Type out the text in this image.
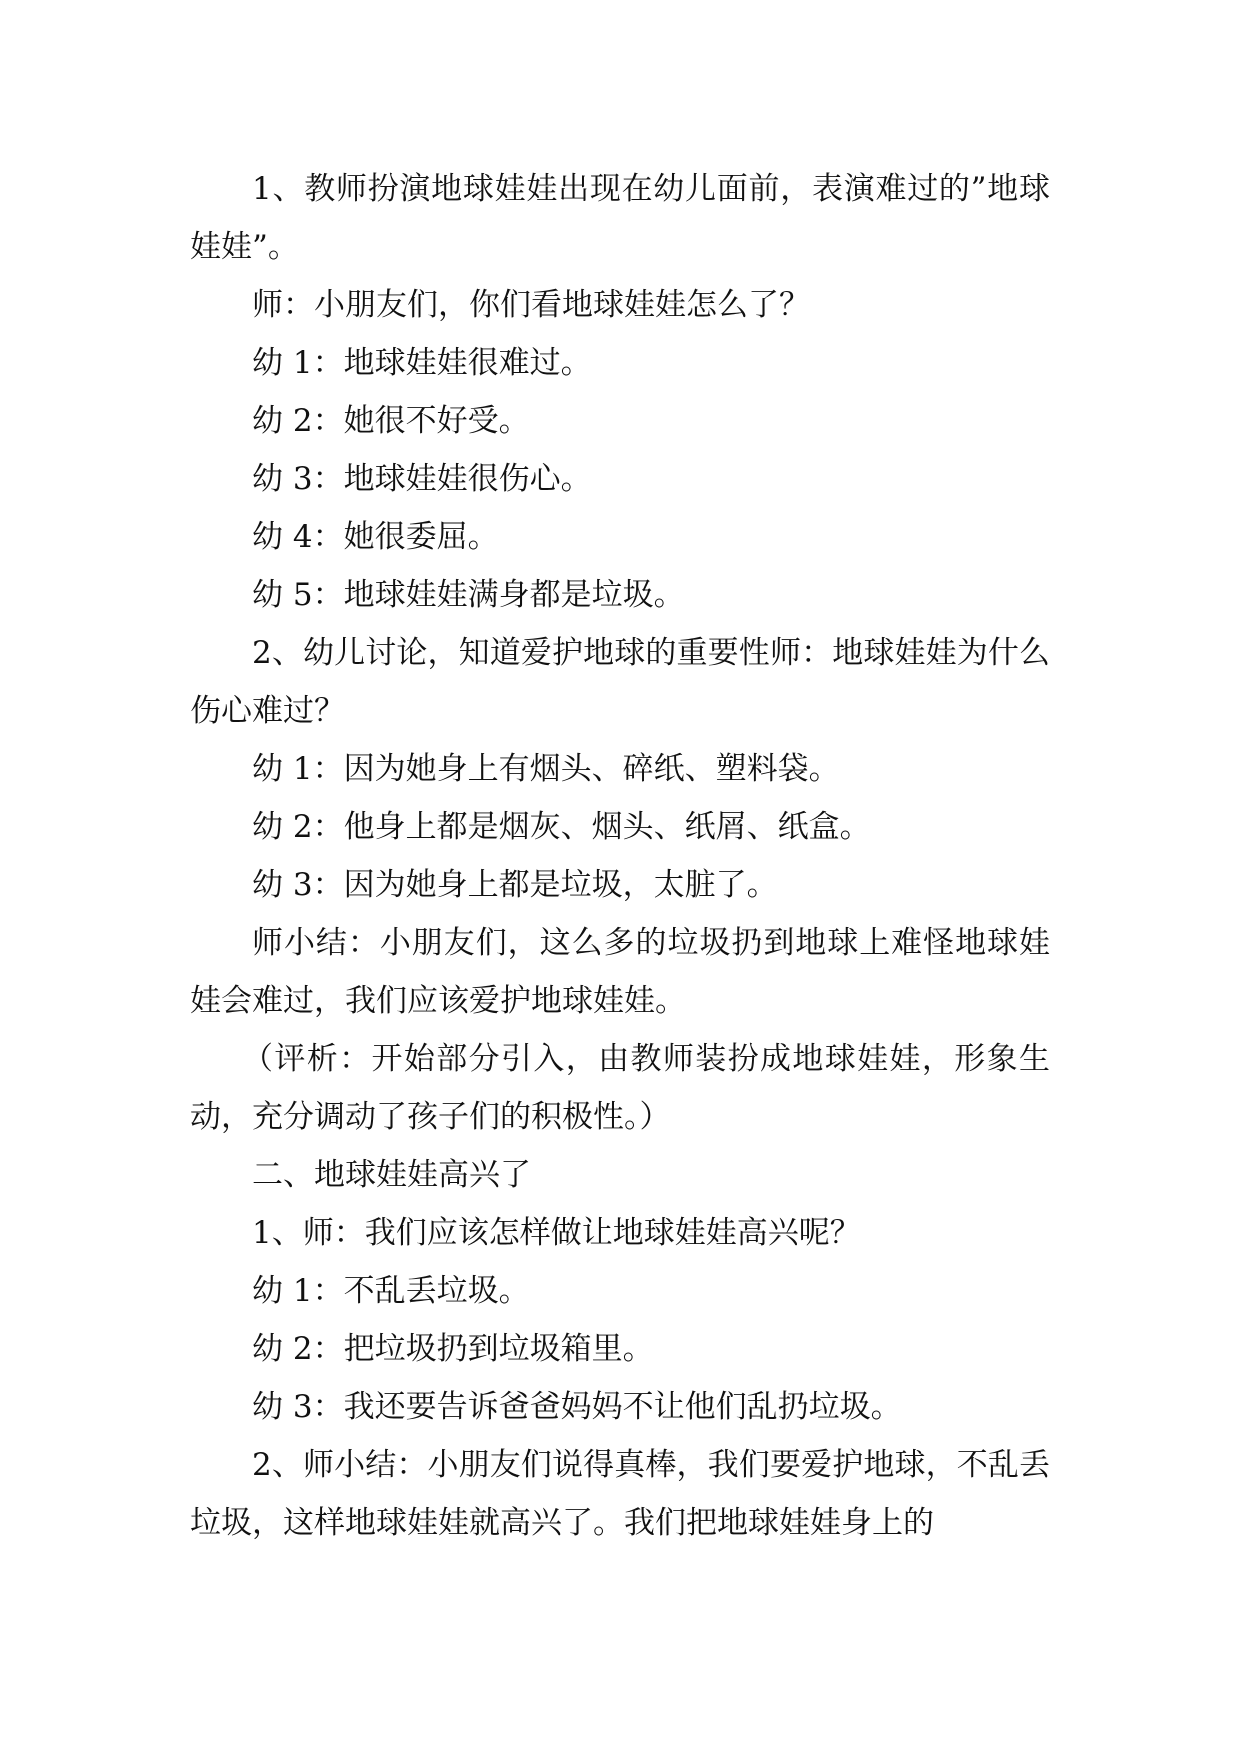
1、教师扮演地球娃娃出现在幼儿面前，表演难过的”地球娃娃”。

师：小朋友们，你们看地球娃娃怎么了？

幼 1：地球娃娃很难过。

幼 2：她很不好受。

幼 3：地球娃娃很伤心。

幼 4：她很委屈。

幼 5：地球娃娃满身都是垃圾。

2、幼儿讨论，知道爱护地球的重要性师：地球娃娃为什么伤心难过？

幼 1：因为她身上有烟头、碎纸、塑料袋。

幼 2：他身上都是烟灰、烟头、纸屑、纸盒。

幼 3：因为她身上都是垃圾，太脏了。

师小结：小朋友们，这么多的垃圾扔到地球上难怪地球娃娃会难过，我们应该爱护地球娃娃。

（评析：开始部分引入，由教师装扮成地球娃娃，形象生动，充分调动了孩子们的积极性。）

二、地球娃娃高兴了

1、师：我们应该怎样做让地球娃娃高兴呢？

幼 1：不乱丢垃圾。

幼 2：把垃圾扔到垃圾箱里。

幼 3：我还要告诉爸爸妈妈不让他们乱扔垃圾。

2、师小结：小朋友们说得真棒，我们要爱护地球，不乱丢垃圾，这样地球娃娃就高兴了。我们把地球娃娃身上的
